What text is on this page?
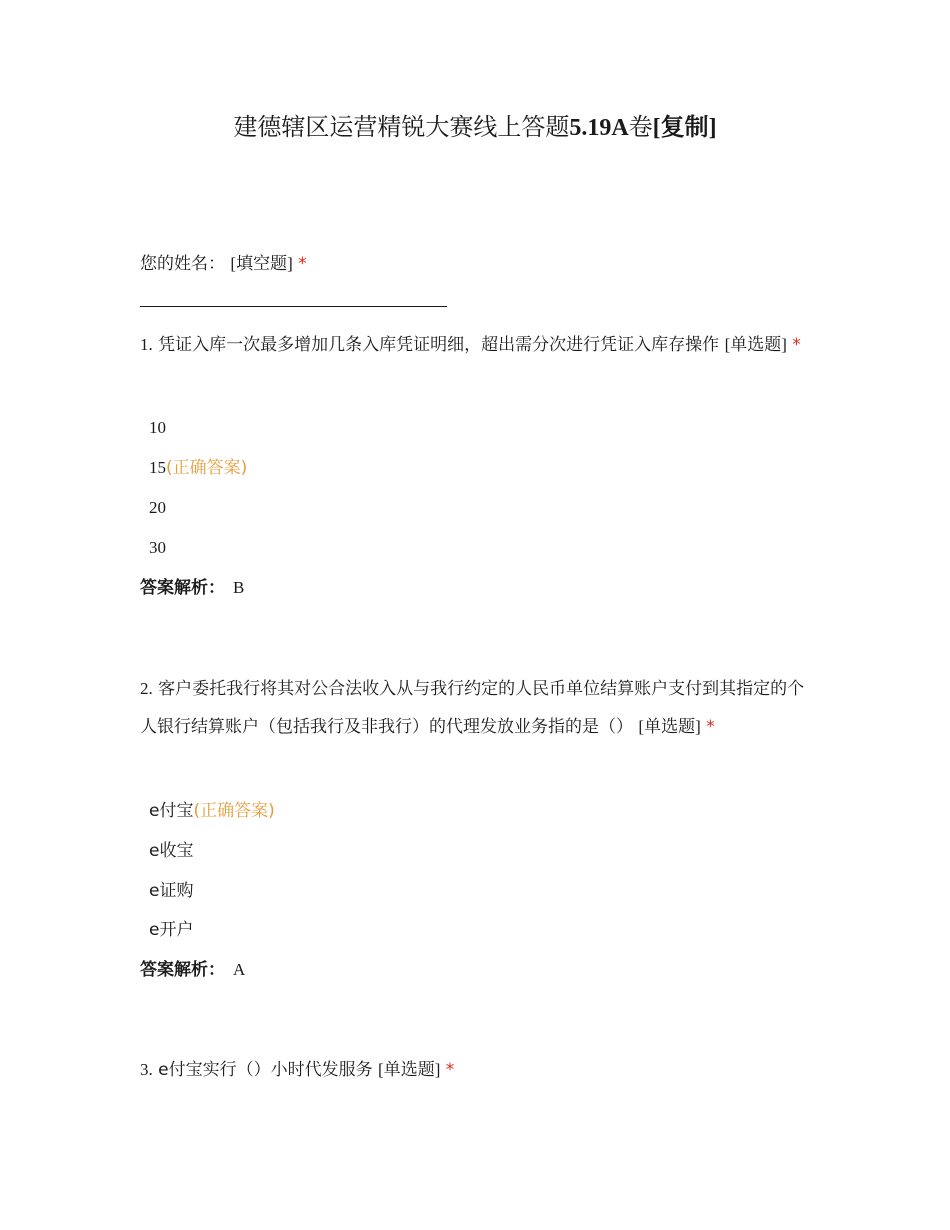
建德辖区运营精锐大赛线上答题5.19A卷[复制]
您的姓名： [填空题] *
1. 凭证入库一次最多增加几条入库凭证明细，超出需分次进行凭证入库存操作 [单选题] *
10
15(正确答案)
20
30
答案解析： B
2. 客户委托我行将其对公合法收入从与我行约定的人民币单位结算账户支付到其指定的个人银行结算账户（包括我行及非我行）的代理发放业务指的是（） [单选题] *
e付宝(正确答案)
e收宝
e证购
e开户
答案解析： A
3. e付宝实行（）小时代发服务 [单选题] *
